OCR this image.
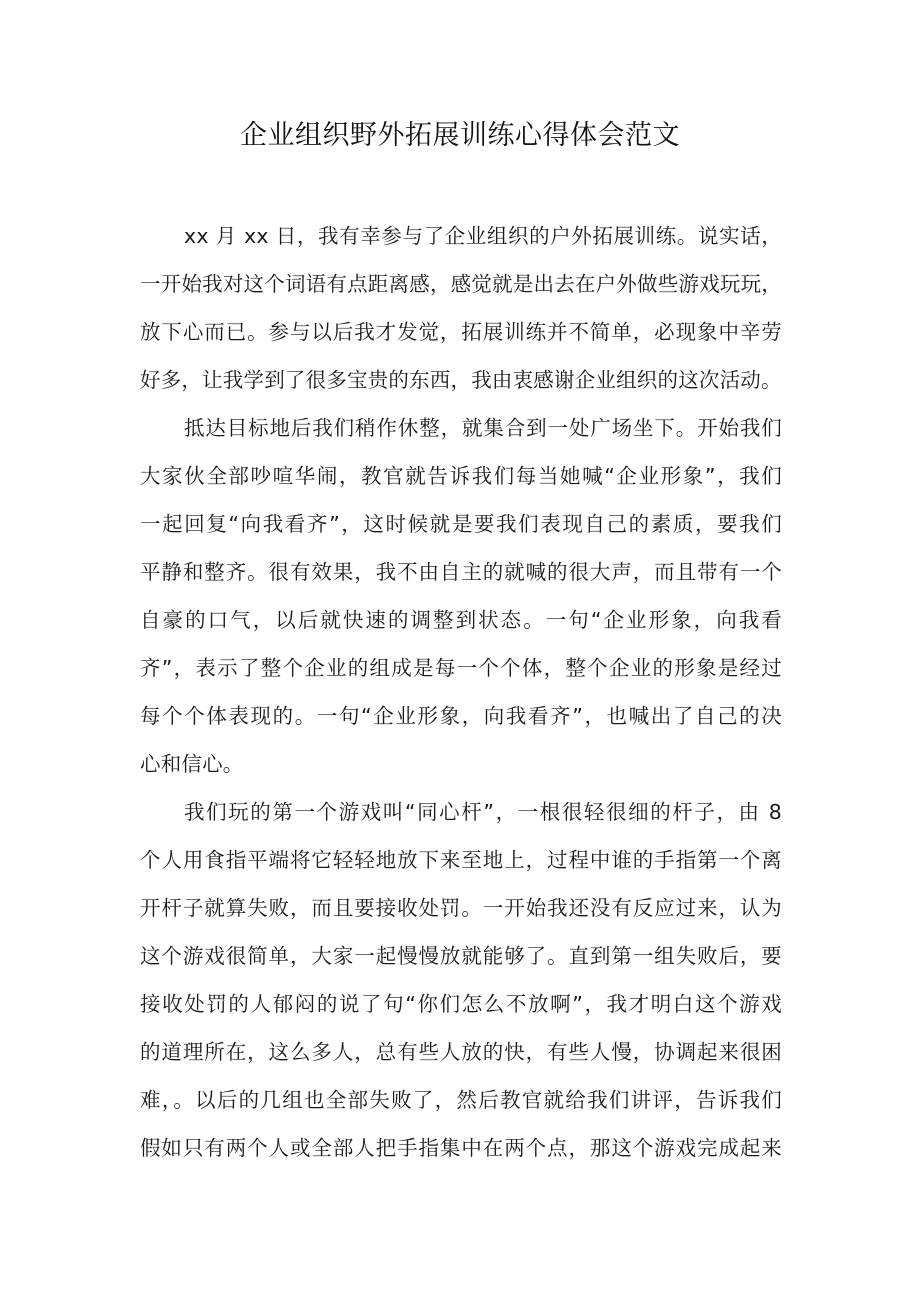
企业组织野外拓展训练心得体会范文
xx 月 xx 日，我有幸参与了企业组织的户外拓展训练。说实话，
一开始我对这个词语有点距离感，感觉就是出去在户外做些游戏玩玩，
放下心而已。参与以后我才发觉，拓展训练并不简单，必现象中辛劳
好多，让我学到了很多宝贵的东西，我由衷感谢企业组织的这次活动。
抵达目标地后我们稍作休整，就集合到一处广场坐下。开始我们
大家伙全部吵喧华闹，教官就告诉我们每当她喊“企业形象”，我们
一起回复“向我看齐”，这时候就是要我们表现自己的素质，要我们
平静和整齐。很有效果，我不由自主的就喊的很大声，而且带有一个
自豪的口气，以后就快速的调整到状态。一句“企业形象，向我看
齐”，表示了整个企业的组成是每一个个体，整个企业的形象是经过
每个个体表现的。一句“企业形象，向我看齐”，也喊出了自己的决
心和信心。
我们玩的第一个游戏叫“同心杆”，一根很轻很细的杆子，由 8
个人用食指平端将它轻轻地放下来至地上，过程中谁的手指第一个离
开杆子就算失败，而且要接收处罚。一开始我还没有反应过来，认为
这个游戏很简单，大家一起慢慢放就能够了。直到第一组失败后，要
接收处罚的人郁闷的说了句“你们怎么不放啊”，我才明白这个游戏
的道理所在，这么多人，总有些人放的快，有些人慢，协调起来很困
难，。以后的几组也全部失败了，然后教官就给我们讲评，告诉我们
假如只有两个人或全部人把手指集中在两个点，那这个游戏完成起来
